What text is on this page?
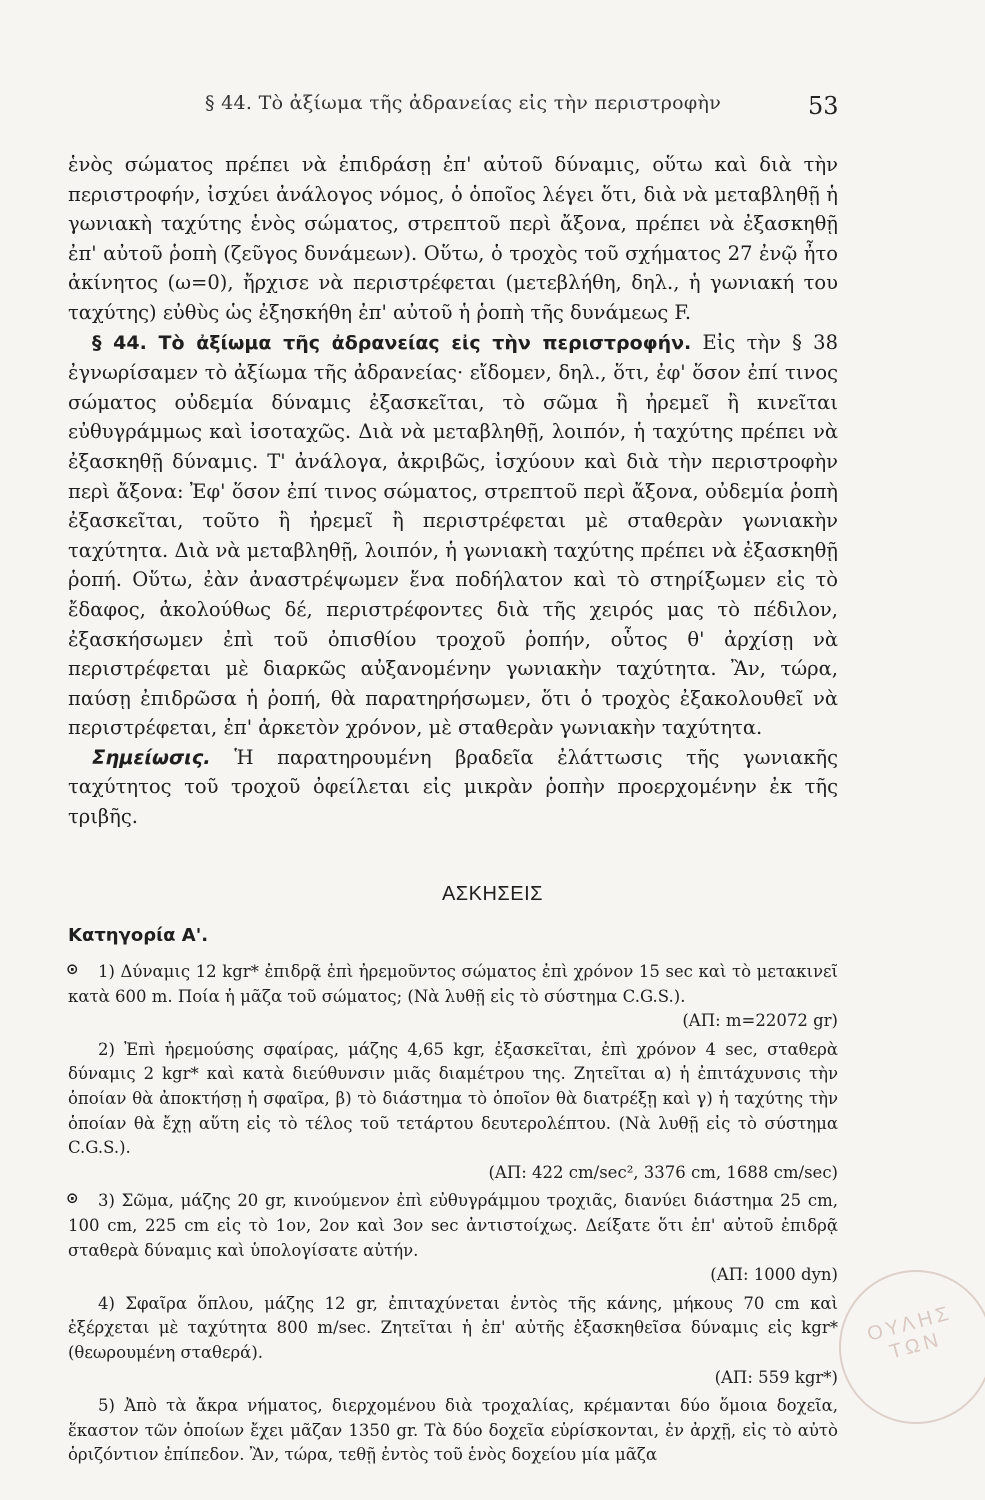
§ 44. Τὸ ἀξίωμα τῆς ἀδρανείας εἰς τὴν περιστροφὴν	53

ἑνὸς σώματος πρέπει νὰ ἐπιδράσῃ ἐπ' αὐτοῦ δύναμις, οὕτω καὶ διὰ τὴν περιστροφήν, ἰσχύει ἀνάλογος νόμος, ὁ ὁποῖος λέγει ὅτι, διὰ νὰ μεταβληθῇ ἡ γωνιακὴ ταχύτης ἑνὸς σώματος, στρεπτοῦ περὶ ἄξονα, πρέπει νὰ ἐξασκηθῇ ἐπ' αὐτοῦ ῥοπὴ (ζεῦγος δυνάμεων). Οὕτω, ὁ τροχὸς τοῦ σχήματος 27 ἐνῷ ἦτο ἀκίνητος (ω=0), ἤρχισε νὰ περιστρέφεται (μετεβλήθη, δηλ., ἡ γωνιακή του ταχύτης) εὐθὺς ὡς ἐξησκήθη ἐπ' αὐτοῦ ἡ ῥοπὴ τῆς δυνάμεως F.

§ 44. Τὸ ἀξίωμα τῆς ἀδρανείας εἰς τὴν περιστροφήν. Εἰς τὴν § 38 ἐγνωρίσαμεν τὸ ἀξίωμα τῆς ἀδρανείας· εἴδομεν, δηλ., ὅτι, ἐφ' ὅσον ἐπί τινος σώματος οὐδεμία δύναμις ἐξασκεῖται, τὸ σῶμα ἢ ἠρεμεῖ ἢ κινεῖται εὐθυγράμμως καὶ ἰσοταχῶς. Διὰ νὰ μεταβληθῇ, λοιπόν, ἡ ταχύτης πρέπει νὰ ἐξασκηθῇ δύναμις. Τ' ἀνάλογα, ἀκριβῶς, ἰσχύουν καὶ διὰ τὴν περιστροφὴν περὶ ἄξονα: Ἐφ' ὅσον ἐπί τινος σώματος, στρεπτοῦ περὶ ἄξονα, οὐδεμία ῥοπὴ ἐξασκεῖται, τοῦτο ἢ ἠρεμεῖ ἢ περιστρέφεται μὲ σταθερὰν γωνιακὴν ταχύτητα. Διὰ νὰ μεταβληθῇ, λοιπόν, ἡ γωνιακὴ ταχύτης πρέπει νὰ ἐξασκηθῇ ῥοπή. Οὕτω, ἐὰν ἀναστρέψωμεν ἕνα ποδήλατον καὶ τὸ στηρίξωμεν εἰς τὸ ἔδαφος, ἀκολούθως δέ, περιστρέφοντες διὰ τῆς χειρός μας τὸ πέδιλον, ἐξασκήσωμεν ἐπὶ τοῦ ὀπισθίου τροχοῦ ῥοπήν, οὗτος θ' ἀρχίσῃ νὰ περιστρέφεται μὲ διαρκῶς αὐξανομένην γωνιακὴν ταχύτητα. Ἂν, τώρα, παύσῃ ἐπιδρῶσα ἡ ῥοπή, θὰ παρατηρήσωμεν, ὅτι ὁ τροχὸς ἐξακολουθεῖ νὰ περιστρέφεται, ἐπ' ἀρκετὸν χρόνον, μὲ σταθερὰν γωνιακὴν ταχύτητα.

Σημείωσις. Ἡ παρατηρουμένη βραδεῖα ἐλάττωσις τῆς γωνιακῆς ταχύτητος τοῦ τροχοῦ ὀφείλεται εἰς μικρὰν ῥοπὴν προερχομένην ἐκ τῆς τριβῆς.

ΑΣΚΗΣΕΙΣ
Κατηγορία Α'.
⊙	1) Δύναμις 12 kgr* ἐπιδρᾷ ἐπὶ ἠρεμοῦντος σώματος ἐπὶ χρόνον 15 sec καὶ τὸ μετακινεῖ κατὰ 600 m. Ποία ἡ μᾶζα τοῦ σώματος; (Νὰ λυθῇ εἰς τὸ σύστημα C.G.S.).
(ΑΠ: m=22072 gr)
2) Ἐπὶ ἠρεμούσης σφαίρας, μάζης 4,65 kgr, ἐξασκεῖται, ἐπὶ χρόνον 4 sec, σταθερὰ δύναμις 2 kgr* καὶ κατὰ διεύθυνσιν μιᾶς διαμέτρου της. Ζητεῖται α) ἡ ἐπιτάχυνσις τὴν ὁποίαν θὰ ἀποκτήσῃ ἡ σφαῖρα, β) τὸ διάστημα τὸ ὁποῖον θὰ διατρέξῃ καὶ γ) ἡ ταχύτης τὴν ὁποίαν θὰ ἔχῃ αὕτη εἰς τὸ τέλος τοῦ τετάρτου δευτερολέπτου. (Νὰ λυθῇ εἰς τὸ σύστημα C.G.S.).
(ΑΠ: 422 cm/sec², 3376 cm, 1688 cm/sec)
⊙	3) Σῶμα, μάζης 20 gr, κινούμενον ἐπὶ εὐθυγράμμου τροχιᾶς, διανύει διάστημα 25 cm, 100 cm, 225 cm εἰς τὸ 1ον, 2ον καὶ 3ον sec ἀντιστοίχως. Δείξατε ὅτι ἐπ' αὐτοῦ ἐπιδρᾷ σταθερὰ δύναμις καὶ ὑπολογίσατε αὐτήν.
(ΑΠ: 1000 dyn)
4) Σφαῖρα ὅπλου, μάζης 12 gr, ἐπιταχύνεται ἐντὸς τῆς κάνης, μήκους 70 cm καὶ ἐξέρχεται μὲ ταχύτητα 800 m/sec. Ζητεῖται ἡ ἐπ' αὐτῆς ἐξασκηθεῖσα δύναμις εἰς kgr* (θεωρουμένη σταθερά).
(ΑΠ: 559 kgr*)
5) Ἀπὸ τὰ ἄκρα νήματος, διερχομένου διὰ τροχαλίας, κρέμανται δύο ὅμοια δοχεῖα, ἕκαστον τῶν ὁποίων ἔχει μᾶζαν 1350 gr. Τὰ δύο δοχεῖα εὑρίσκονται, ἐν ἀρχῇ, εἰς τὸ αὐτὸ ὁριζόντιον ἐπίπεδον. Ἂν, τώρα, τεθῇ ἐντὸς τοῦ ἑνὸς δοχείου μία μᾶζα
ΟΥΛΗΣ ΤΩΝ
